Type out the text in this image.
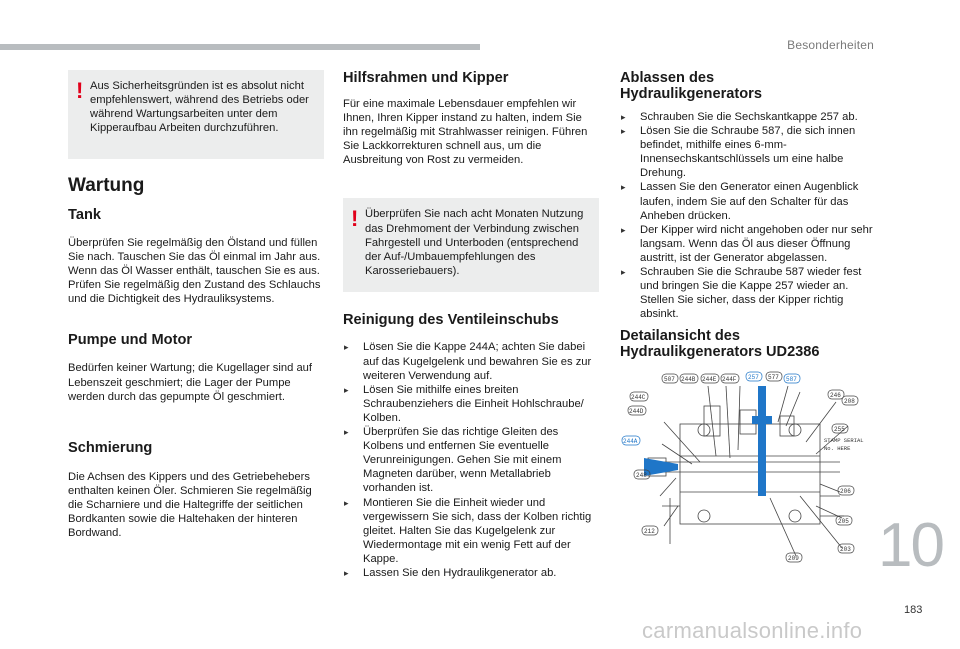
Besonderheiten
! Aus Sicherheitsgründen ist es absolut nicht empfehlenswert, während des Betriebs oder während Wartungsarbeiten unter dem Kipperaufbau Arbeiten durchzuführen.

Wartung
Tank

Überprüfen Sie regelmäßig den Ölstand und füllen Sie nach. Tauschen Sie das Öl einmal im Jahr aus. Wenn das Öl Wasser enthält, tauschen Sie es aus. Prüfen Sie regelmäßig den Zustand des Schlauchs und die Dichtigkeit des Hydrauliksystems.

Pumpe und Motor

Bedürfen keiner Wartung; die Kugellager sind auf Lebenszeit geschmiert; die Lager der Pumpe werden durch das gepumpte Öl geschmiert.

Schmierung

Die Achsen des Kippers und des Getriebehebers enthalten keinen Öler. Schmieren Sie regelmäßig die Scharniere und die Haltegriffe der seitlichen Bordkanten sowie die Haltehaken der hinteren Bordwand.

Hilfsrahmen und Kipper

Für eine maximale Lebensdauer empfehlen wir Ihnen, Ihren Kipper instand zu halten, indem Sie ihn regelmäßig mit Strahlwasser reinigen. Führen Sie Lackkorrekturen schnell aus, um die Ausbreitung von Rost zu vermeiden.

! Überprüfen Sie nach acht Monaten Nutzung das Drehmoment der Verbindung zwischen Fahrgestell und Unterboden (entsprechend der Auf-/Umbauempfehlungen des Karosseriebauers).

Reinigung des Ventileinschubs
▸ Lösen Sie die Kappe 244A; achten Sie dabei auf das Kugelgelenk und bewahren Sie es zur weiteren Verwendung auf.
▸ Lösen Sie mithilfe eines breiten Schraubenziehers die Einheit Hohlschraube/ Kolben.
▸ Überprüfen Sie das richtige Gleiten des Kolbens und entfernen Sie eventuelle Verunreinigungen. Gehen Sie mit einem Magneten darüber, wenn Metallabrieb vorhanden ist.
▸ Montieren Sie die Einheit wieder und vergewissern Sie sich, dass der Kolben richtig gleitet. Halten Sie das Kugelgelenk zur Wiedermontage mit ein wenig Fett auf der Kappe.
▸ Lassen Sie den Hydraulikgenerator ab.
Ablassen des Hydraulikgenerators
▸ Schrauben Sie die Sechskantkappe 257 ab.
▸ Lösen Sie die Schraube 587, die sich innen befindet, mithilfe eines 6-mm-Innensechskantschlüssels um eine halbe Drehung.
▸ Lassen Sie den Generator einen Augenblick laufen, indem Sie auf den Schalter für das Anheben drücken.
▸ Der Kipper wird nicht angehoben oder nur sehr langsam. Wenn das Öl aus dieser Öffnung austritt, ist der Generator abgelassen.
▸ Schrauben Sie die Schraube 587 wieder fest und bringen Sie die Kappe 257 wieder an. Stellen Sie sicher, dass der Kipper richtig absinkt.
Detailansicht des Hydraulikgenerators UD2386
507 244B 244E 244F 257 577 587
244C
244D
244A
248
212
246
208
255
206
205
209
203
STAMP SERIAL
No. HERE
10
183
carmanualsonline.info
